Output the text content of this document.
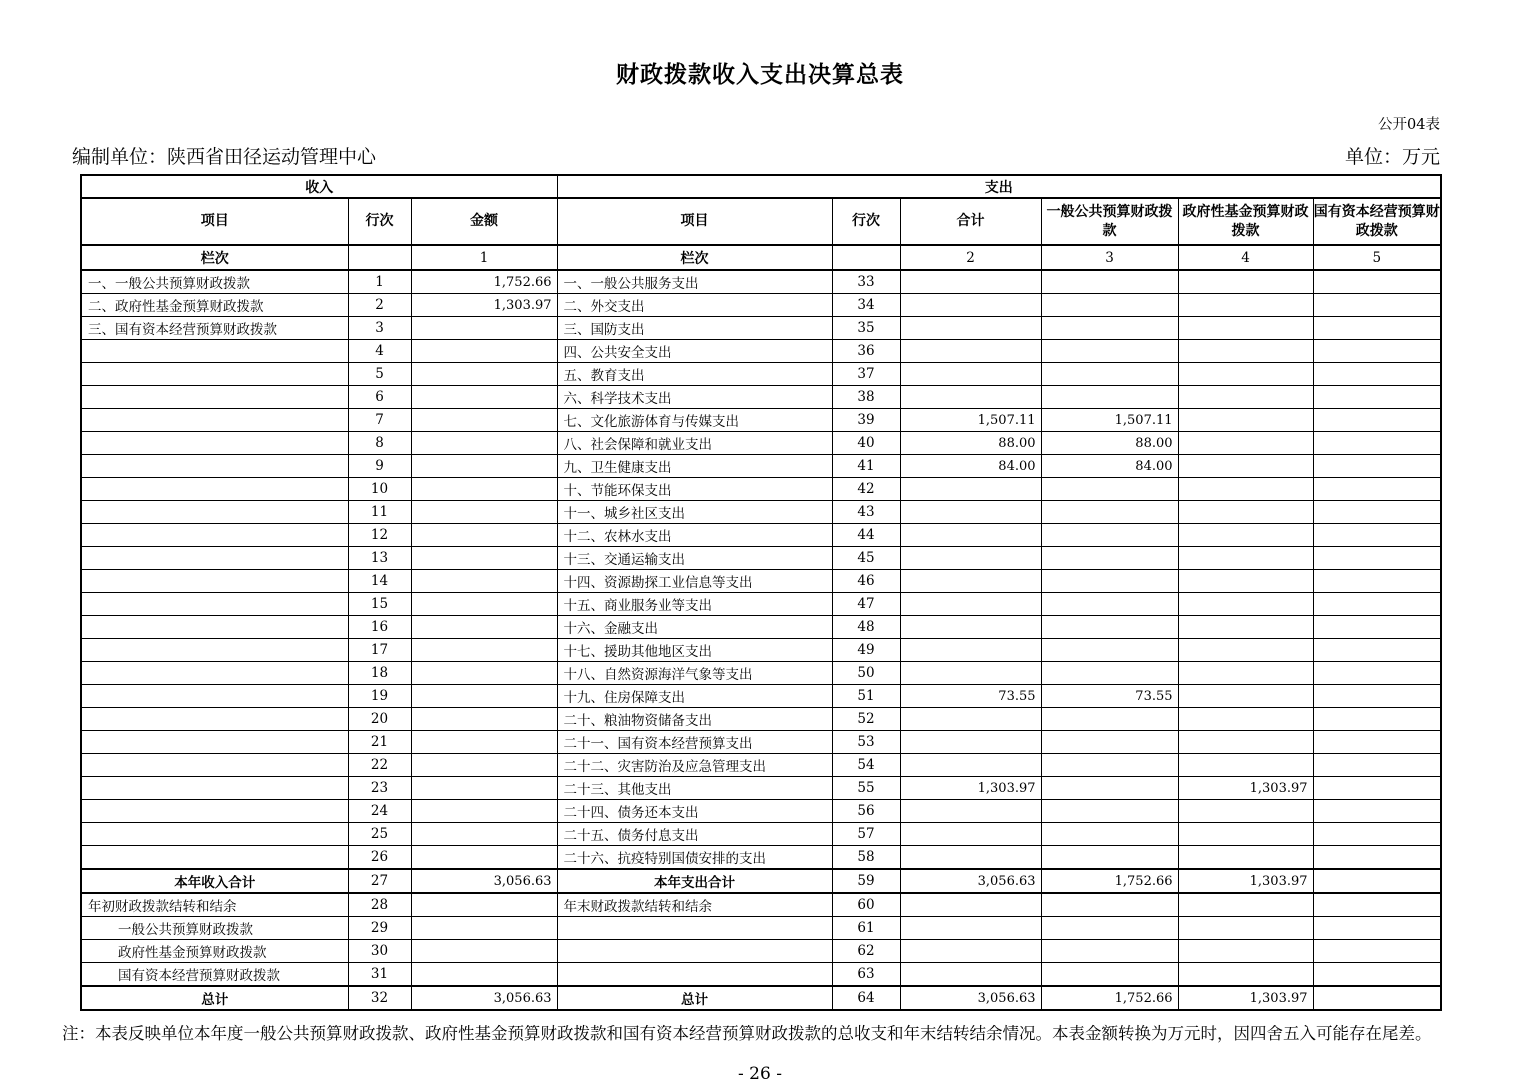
财政拨款收入支出决算总表
公开04表
编制单位：陕西省田径运动管理中心	单位：万元
收入			支出					
项目	行次	金额	项目	行次	合计	一般公共预算财政拨款	政府性基金预算财政拨款	国有资本经营预算财政拨款
栏次		1	栏次		2	3	4	5
一、一般公共预算财政拨款	1	1,752.66	一、一般公共服务支出	33				
二、政府性基金预算财政拨款	2	1,303.97	二、外交支出	34				
三、国有资本经营预算财政拨款	3		三、国防支出	35				
	4		四、公共安全支出	36				
	5		五、教育支出	37				
	6		六、科学技术支出	38				
	7		七、文化旅游体育与传媒支出	39	1,507.11	1,507.11		
	8		八、社会保障和就业支出	40	88.00	88.00		
	9		九、卫生健康支出	41	84.00	84.00		
	10		十、节能环保支出	42				
	11		十一、城乡社区支出	43				
	12		十二、农林水支出	44				
	13		十三、交通运输支出	45				
	14		十四、资源勘探工业信息等支出	46				
	15		十五、商业服务业等支出	47				
	16		十六、金融支出	48				
	17		十七、援助其他地区支出	49				
	18		十八、自然资源海洋气象等支出	50				
	19		十九、住房保障支出	51	73.55	73.55		
	20		二十、粮油物资储备支出	52				
	21		二十一、国有资本经营预算支出	53				
	22		二十二、灾害防治及应急管理支出	54				
	23		二十三、其他支出	55	1,303.97		1,303.97	
	24		二十四、债务还本支出	56				
	25		二十五、债务付息支出	57				
	26		二十六、抗疫特别国债安排的支出	58				
本年收入合计	27	3,056.63	本年支出合计	59	3,056.63	1,752.66	1,303.97	
年初财政拨款结转和结余	28		年末财政拨款结转和结余	60				
一般公共预算财政拨款	29			61				
政府性基金预算财政拨款	30			62				
国有资本经营预算财政拨款	31			63				
总计	32	3,056.63	总计	64	3,056.63	1,752.66	1,303.97	
注：本表反映单位本年度一般公共预算财政拨款、政府性基金预算财政拨款和国有资本经营预算财政拨款的总收支和年末结转结余情况。本表金额转换为万元时，因四舍五入可能存在尾差。
- 26 -
